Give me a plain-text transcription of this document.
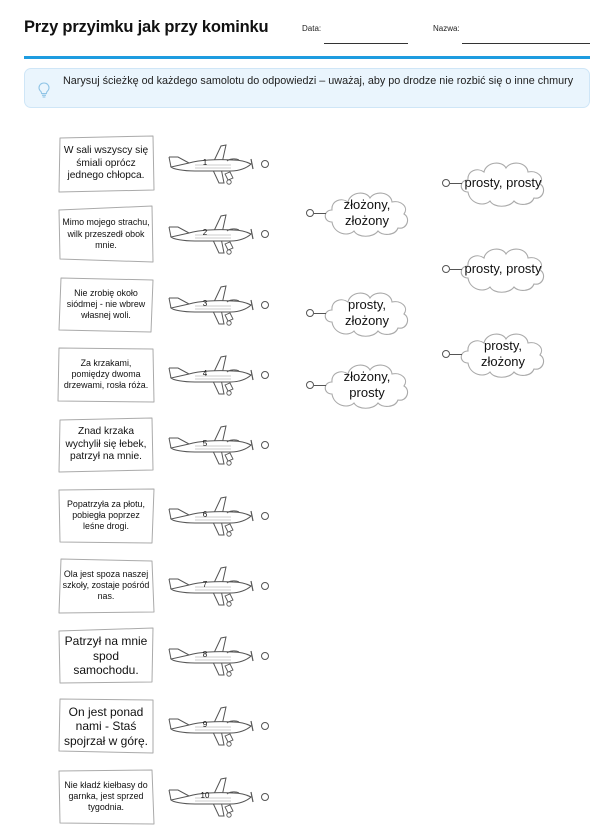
Przy przyimku jak przy kominku	Data:	Nazwa:
Narysuj ścieżkę od każdego samolotu do odpowiedzi – uważaj, aby po drodze nie rozbić się o inne chmury
W sali wszyscy się śmiali oprócz jednego chłopca.
1
Mimo mojego strachu, wilk przeszedł obok mnie.
2
Nie zrobię około siódmej - nie wbrew własnej woli.
3
Za krzakami, pomiędzy dwoma drzewami, rosła róża.
4
Znad krzaka wychylił się łebek, patrzył na mnie.
5
Popatrzyła za płotu, pobiegła poprzez leśne drogi.
6
Ola jest spoza naszej szkoły, zostaje pośród nas.
7
Patrzył na mnie spod samochodu.
8
On jest ponad nami - Staś spojrzał w górę.
9
Nie kładź kiełbasy do garnka, jest sprzed tygodnia.
10
złożony, złożony
prosty, złożony
złożony, prosty
prosty, prosty
prosty, prosty
prosty, złożony
